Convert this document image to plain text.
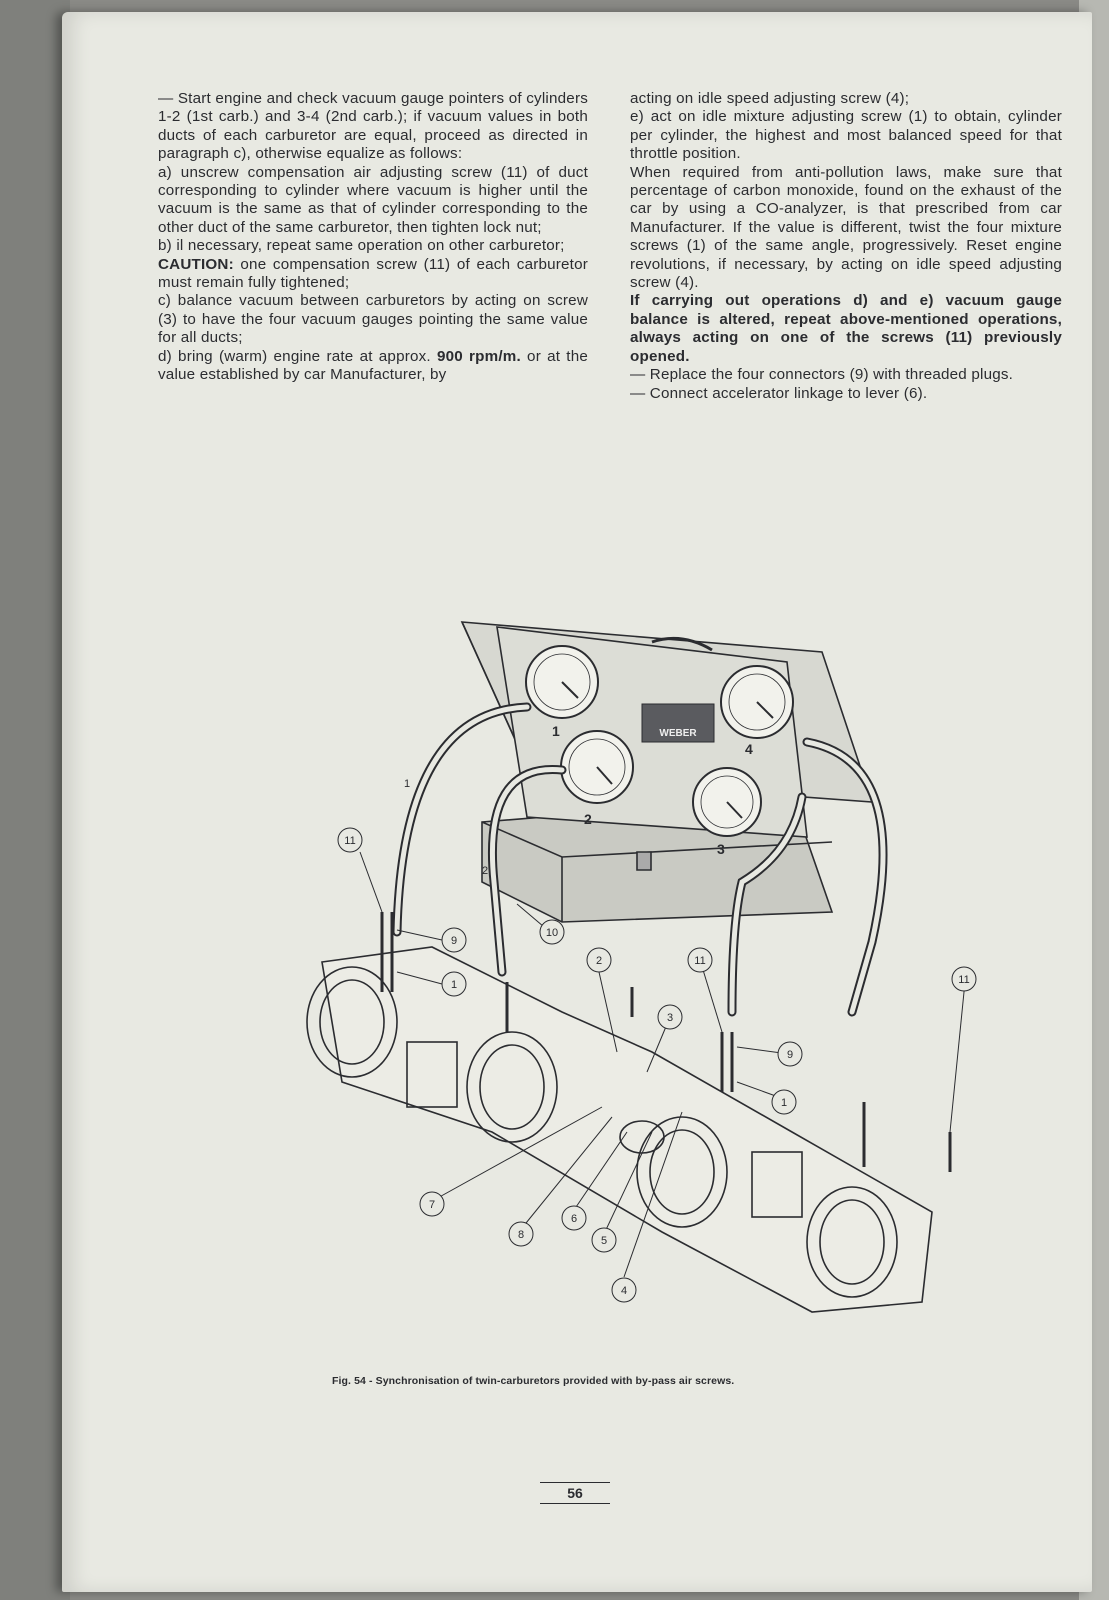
— Start engine and check vacuum gauge pointers of cylinders 1-2 (1st carb.) and 3-4 (2nd carb.); if vacuum values in both ducts of each carburetor are equal, proceed as directed in paragraph c), otherwise equalize as follows:

a) unscrew compensation air adjusting screw (11) of duct corresponding to cylinder where vacuum is higher until the vacuum is the same as that of cylinder corresponding to the other duct of the same carburetor, then tighten lock nut;

b) il necessary, repeat same operation on other carburetor;

CAUTION: one compensation screw (11) of each carburetor must remain fully tightened;

c) balance vacuum between carburetors by acting on screw (3) to have the four vacuum gauges pointing the same value for all ducts;

d) bring (warm) engine rate at approx. 900 rpm/m. or at the value established by car Manufacturer, by

acting on idle speed adjusting screw (4);

e) act on idle mixture adjusting screw (1) to obtain, cylinder per cylinder, the highest and most balanced speed for that throttle position.

When required from anti-pollution laws, make sure that percentage of carbon monoxide, found on the exhaust of the car by using a CO-analyzer, is that prescribed from car Manufacturer. If the value is different, twist the four mixture screws (1) of the same angle, progressively. Reset engine revolutions, if necessary, by acting on idle speed adjusting screw (4).

If carrying out operations d) and e) vacuum gauge balance is altered, repeat above-mentioned operations, always acting on one of the screws (11) previously opened.

— Replace the four connectors (9) with threaded plugs.

— Connect accelerator linkage to lever (6).

WEBER
1
2
3
4
1
2
11
9
1
10
2	11
3
9
1
11
7
8
6
5
4
Fig. 54 - Synchronisation of twin-carburetors provided with by-pass air screws.
56
